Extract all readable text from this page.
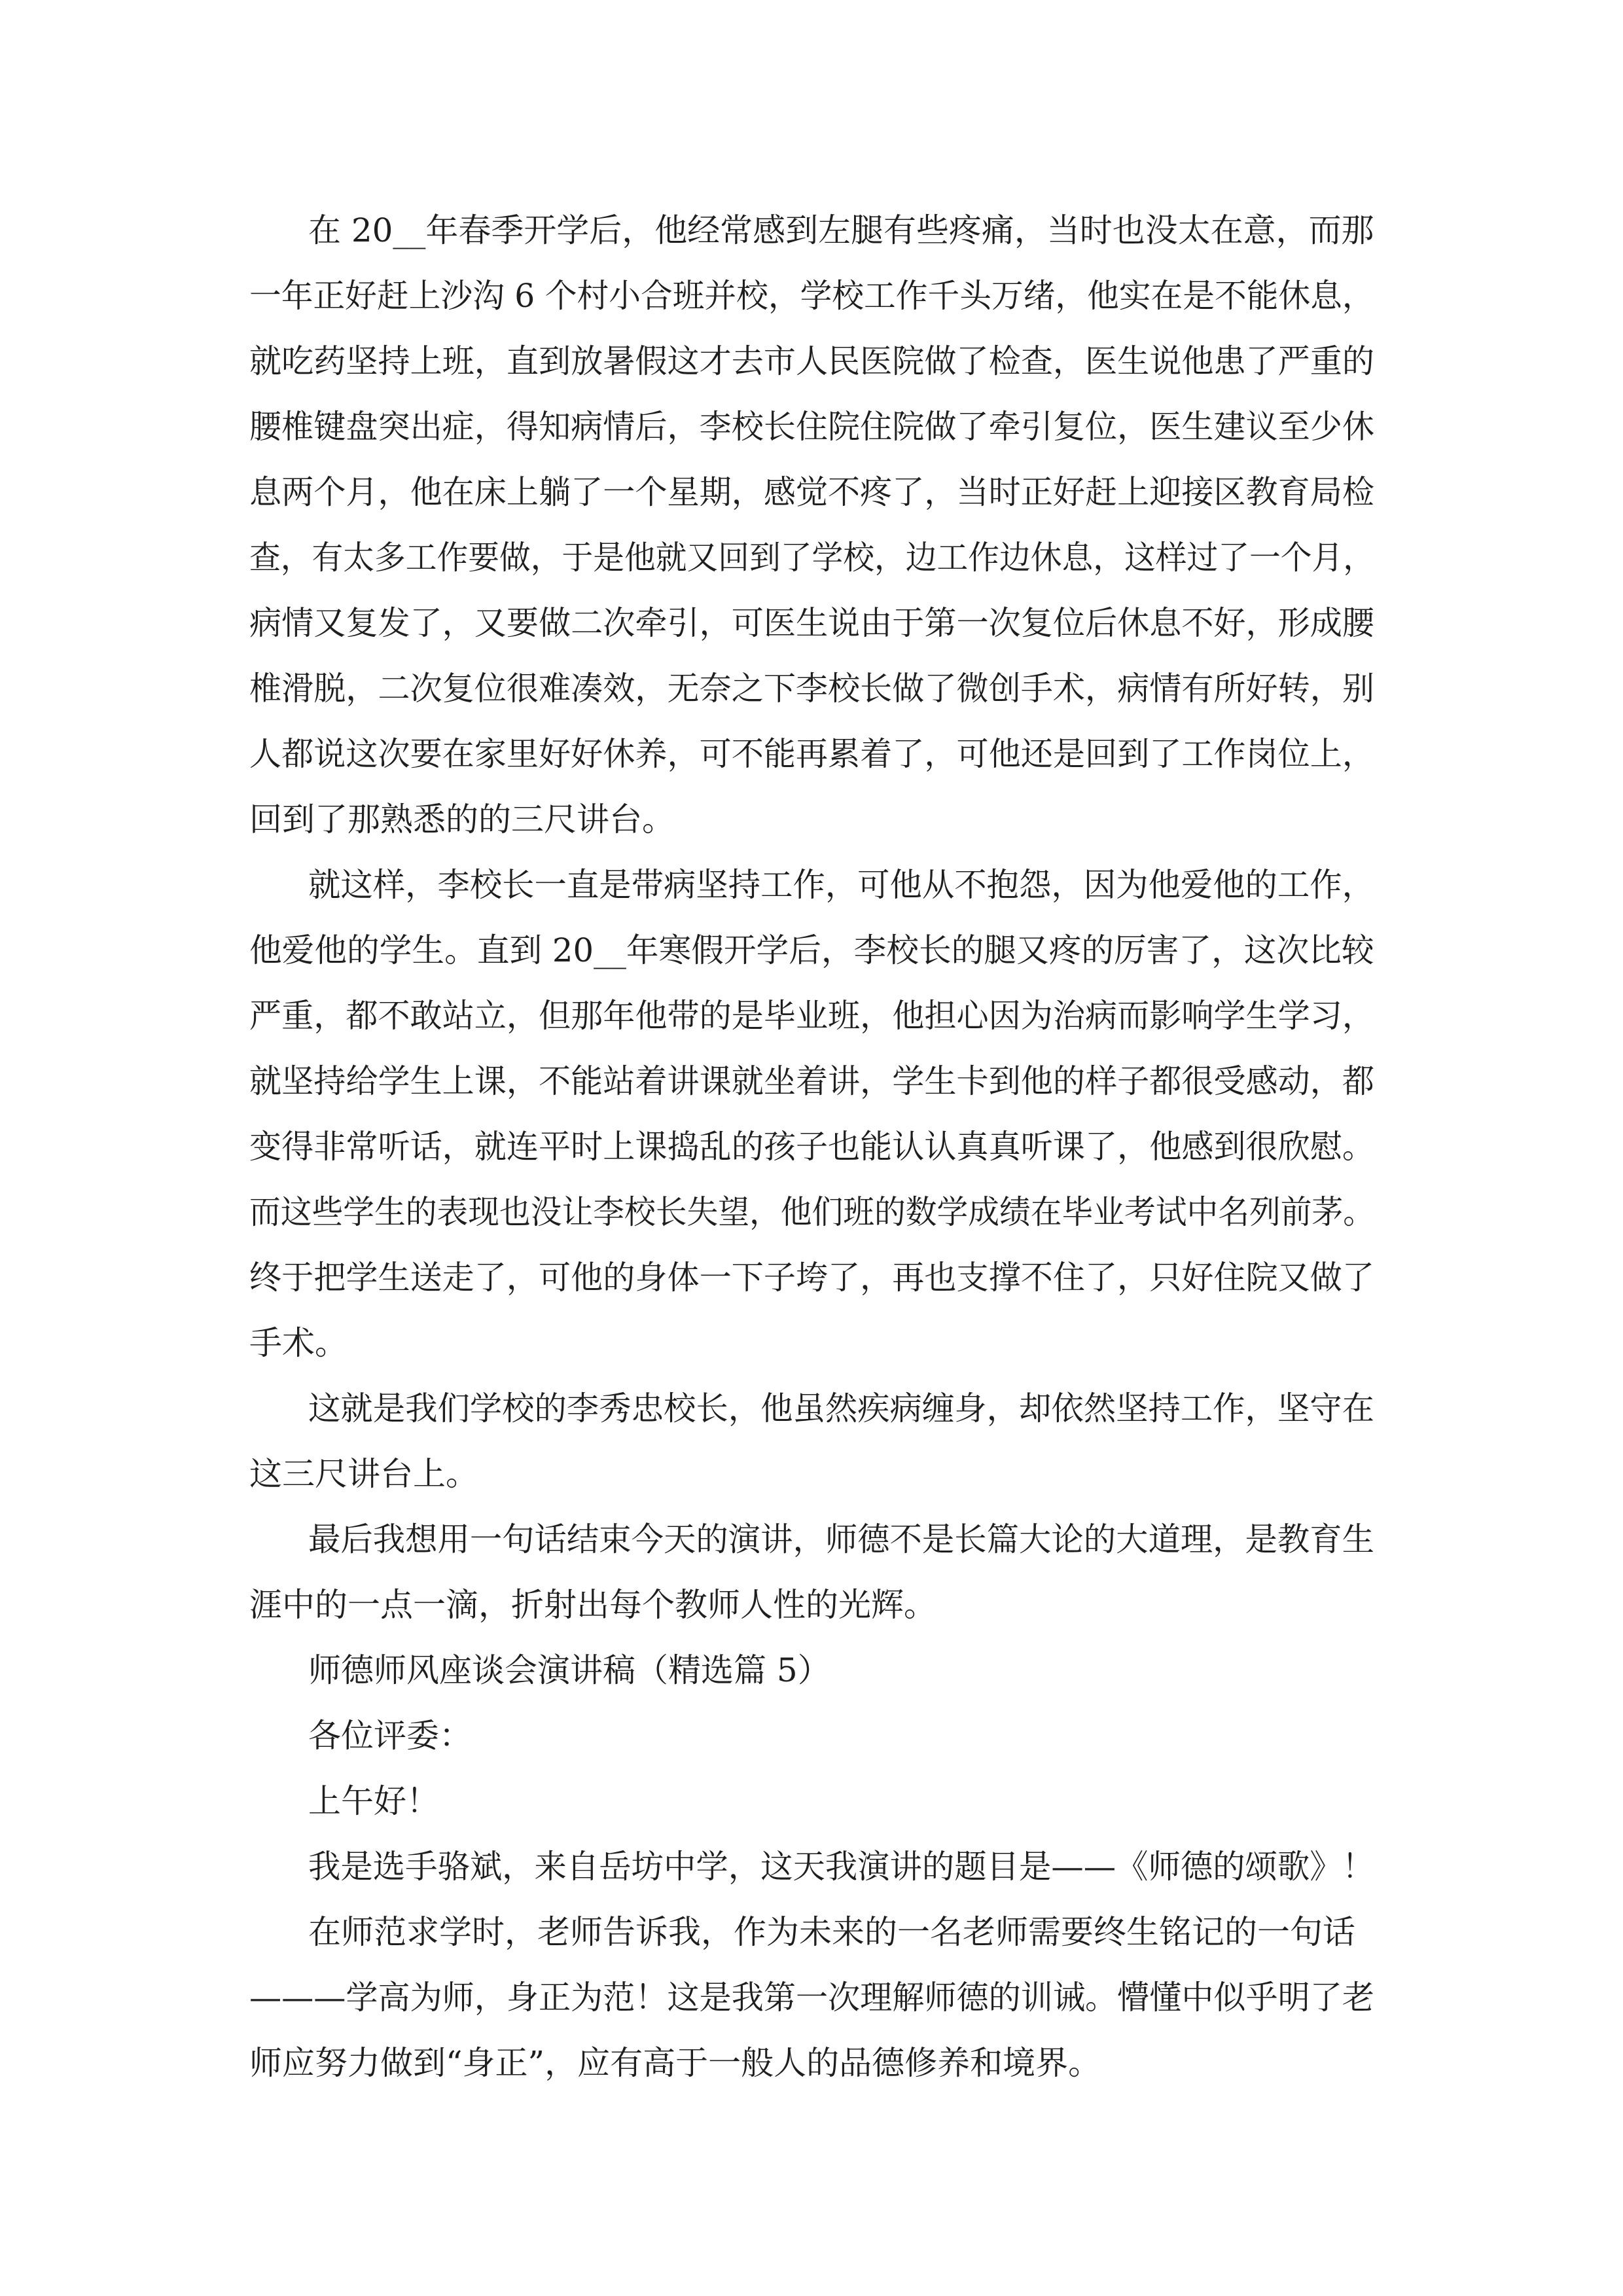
在 20__年春季开学后，他经常感到左腿有些疼痛，当时也没太在意，而那

一年正好赶上沙沟 6 个村小合班并校，学校工作千头万绪，他实在是不能休息，

就吃药坚持上班，直到放暑假这才去市人民医院做了检查，医生说他患了严重的

腰椎键盘突出症，得知病情后，李校长住院住院做了牵引复位，医生建议至少休

息两个月，他在床上躺了一个星期，感觉不疼了，当时正好赶上迎接区教育局检

查，有太多工作要做，于是他就又回到了学校，边工作边休息，这样过了一个月，

病情又复发了，又要做二次牵引，可医生说由于第一次复位后休息不好，形成腰

椎滑脱，二次复位很难凑效，无奈之下李校长做了微创手术，病情有所好转，别

人都说这次要在家里好好休养，可不能再累着了，可他还是回到了工作岗位上，

回到了那熟悉的的三尺讲台。

就这样，李校长一直是带病坚持工作，可他从不抱怨，因为他爱他的工作，

他爱他的学生。直到 20__年寒假开学后，李校长的腿又疼的厉害了，这次比较

严重，都不敢站立，但那年他带的是毕业班，他担心因为治病而影响学生学习，

就坚持给学生上课，不能站着讲课就坐着讲，学生卡到他的样子都很受感动，都

变得非常听话，就连平时上课捣乱的孩子也能认认真真听课了，他感到很欣慰。

而这些学生的表现也没让李校长失望，他们班的数学成绩在毕业考试中名列前茅。

终于把学生送走了，可他的身体一下子垮了，再也支撑不住了，只好住院又做了

手术。

这就是我们学校的李秀忠校长，他虽然疾病缠身，却依然坚持工作，坚守在

这三尺讲台上。

最后我想用一句话结束今天的演讲，师德不是长篇大论的大道理，是教育生

涯中的一点一滴，折射出每个教师人性的光辉。

师德师风座谈会演讲稿（精选篇 5）

各位评委：

上午好！

我是选手骆斌，来自岳坊中学，这天我演讲的题目是——《师德的颂歌》！

在师范求学时，老师告诉我，作为未来的一名老师需要终生铭记的一句话

———学高为师，身正为范！这是我第一次理解师德的训诫。懵懂中似乎明了老

师应努力做到“身正”，应有高于一般人的品德修养和境界。
